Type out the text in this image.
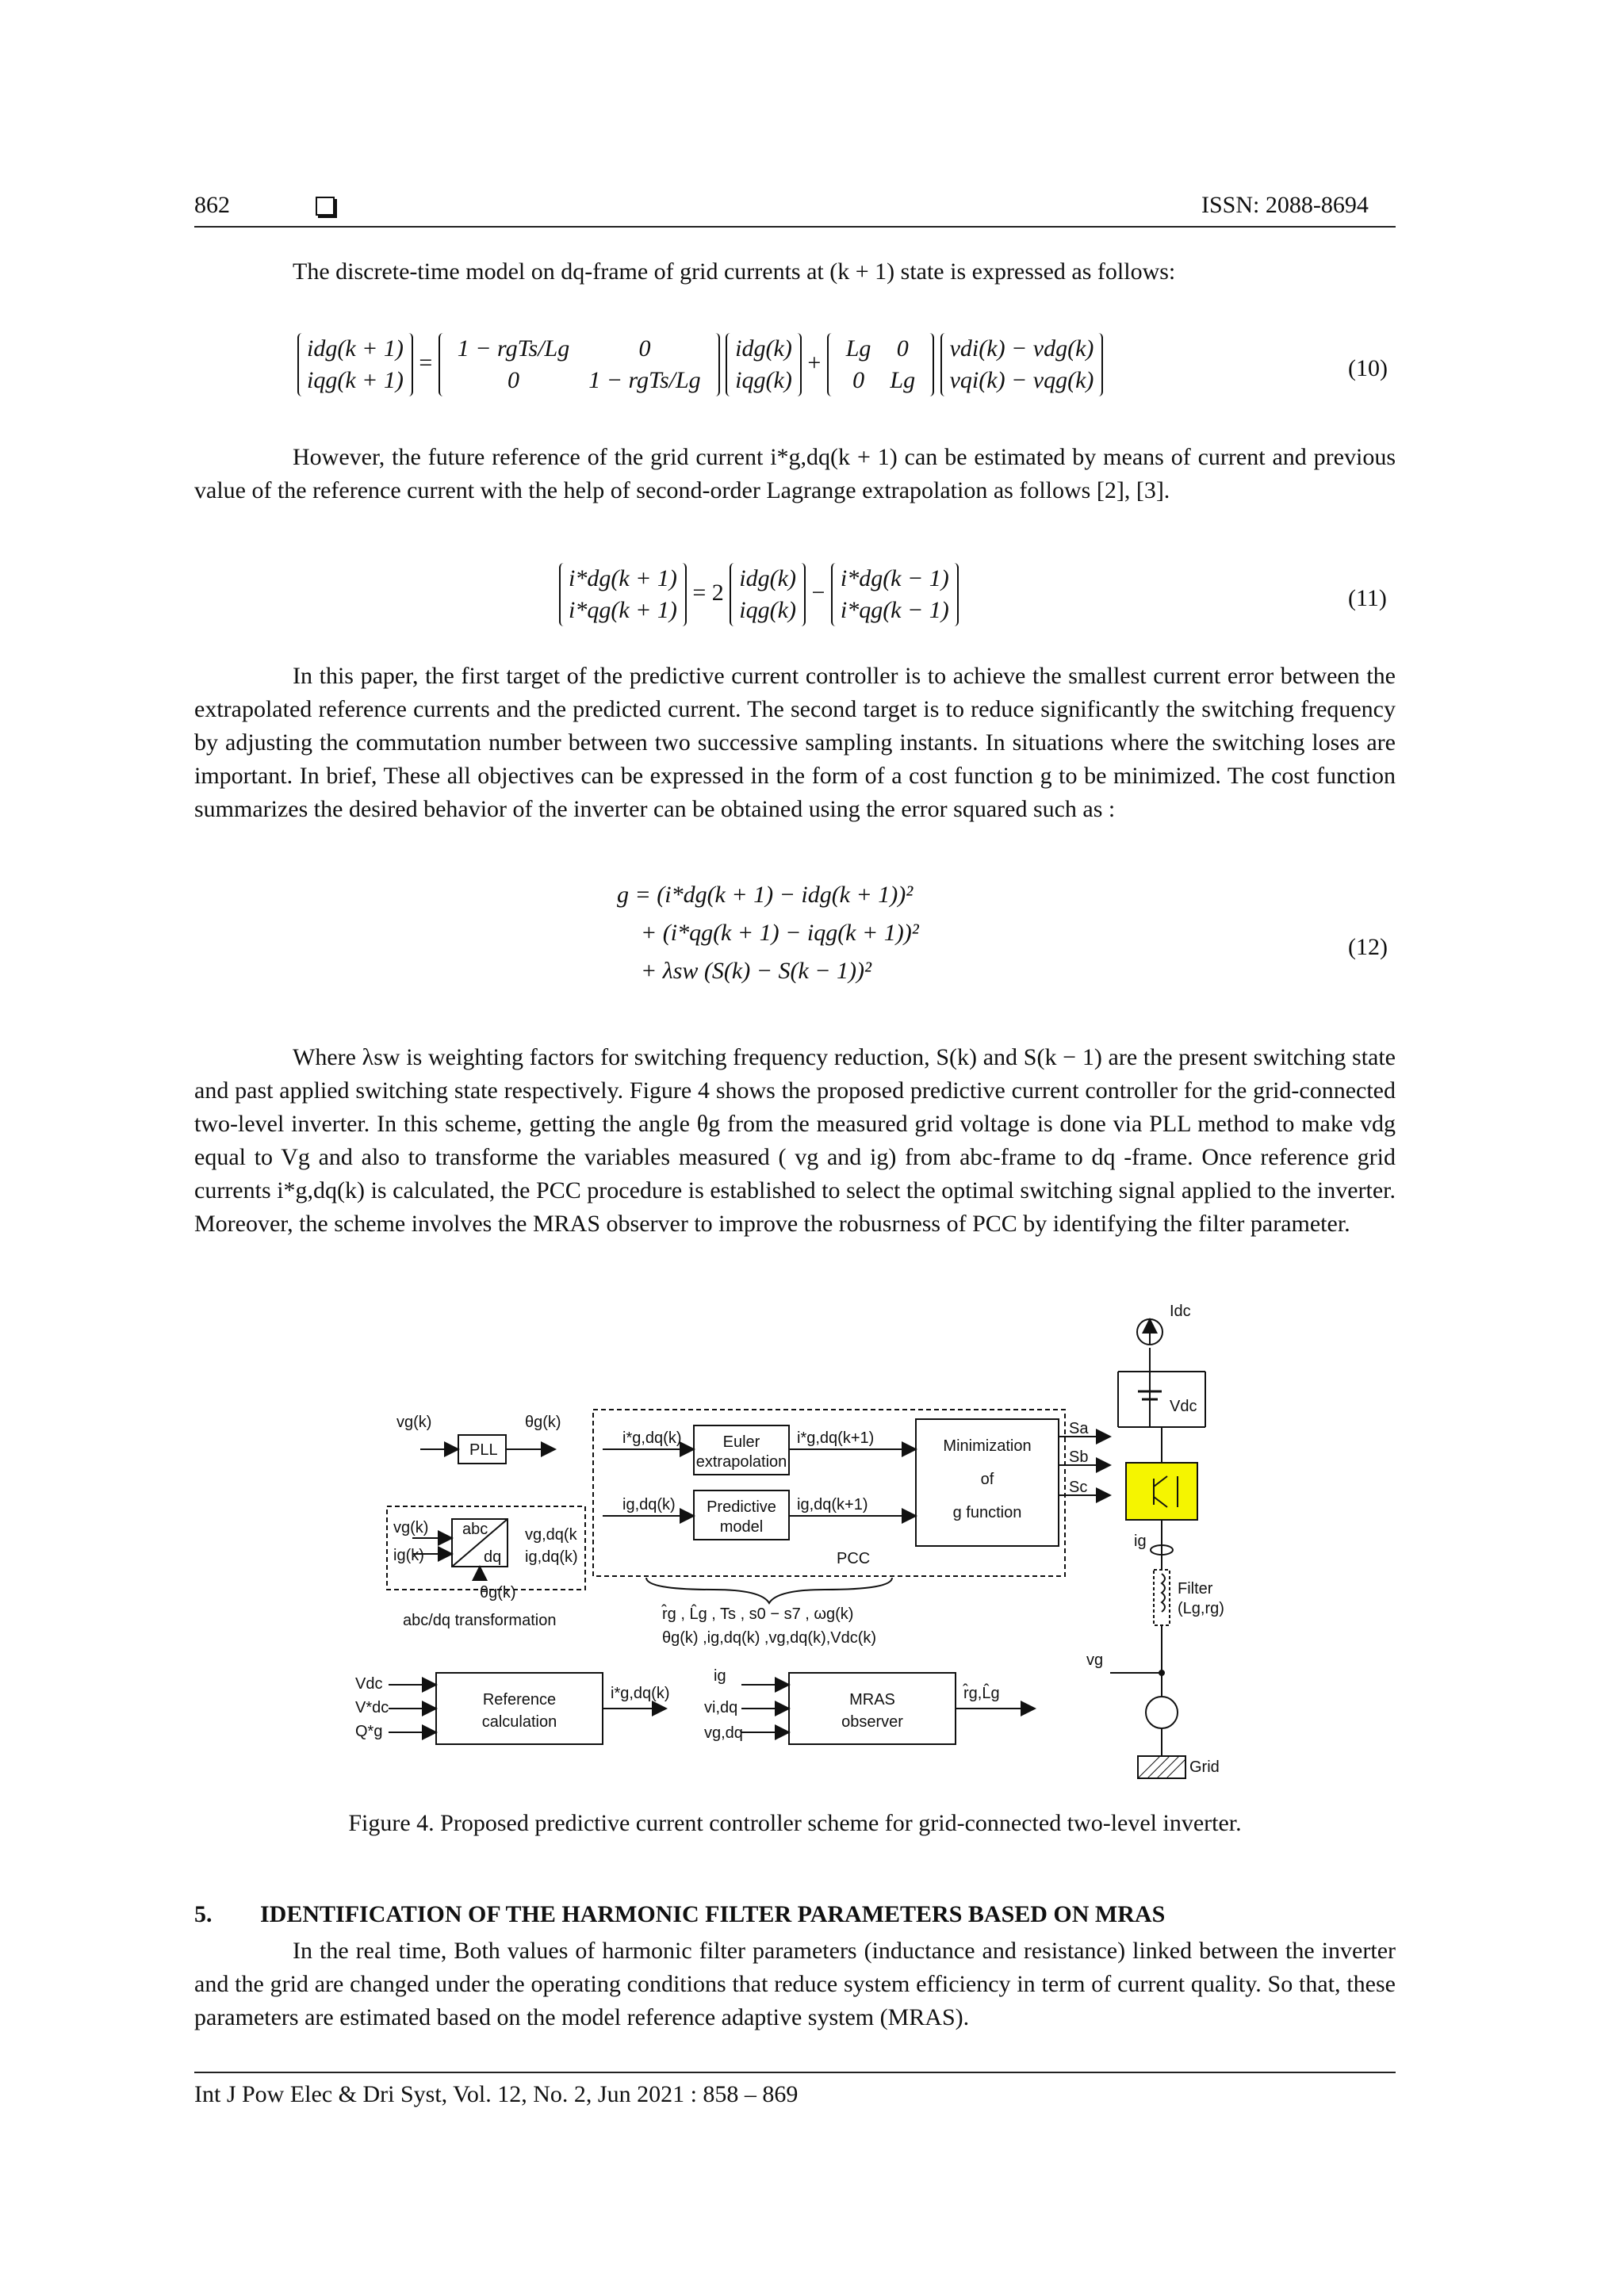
862	ISSN: 2088-8694

The discrete-time model on dq-frame of grid currents at (k + 1) state is expressed as follows:

idg(k + 1)
iqg(k + 1) =
1 − rgTs/Lg	0
0	1 − rgTs/Lg
idg(k)
iqg(k) +
Lg	0
0	Lg
vdi(k) − vdg(k)
vqi(k) − vqg(k)	(10)

However, the future reference of the grid current i*g,dq(k + 1) can be estimated by means of current and previous value of the reference current with the help of second-order Lagrange extrapolation as follows [2], [3].

i*dg(k + 1)
i*qg(k + 1) = 2 idg(k)
iqg(k) − i*dg(k − 1)
i*qg(k − 1)	(11)

In this paper, the first target of the predictive current controller is to achieve the smallest current error between the extrapolated reference currents and the predicted current. The second target is to reduce significantly the switching frequency by adjusting the commutation number between two successive sampling instants. In situations where the switching loses are important. In brief, These all objectives can be expressed in the form of a cost function g to be minimized. The cost function summarizes the desired behavior of the inverter can be obtained using the error squared such as :

g = (i*dg(k + 1) − idg(k + 1))²
+ (i*qg(k + 1) − iqg(k + 1))²
+ λsw (S(k) − S(k − 1))²
(12)

Where λsw is weighting factors for switching frequency reduction, S(k) and S(k − 1) are the present switching state and past applied switching state respectively. Figure 4 shows the proposed predictive current controller for the grid-connected two-level inverter. In this scheme, getting the angle θg from the measured grid voltage is done via PLL method to make vdg equal to Vg and also to transforme the variables measured ( vg and ig) from abc-frame to dq -frame. Once reference grid currents i*g,dq(k) is calculated, the PCC procedure is established to select the optimal switching signal applied to the inverter. Moreover, the scheme involves the MRAS observer to improve the robusrness of PCC by identifying the filter parameter.

vg(k)
PLL
θg(k)
abc
dq
vg(k)
ig(k)
vg,dq(k
ig,dq(k)
θg(k)
abc/dq transformation
i*g,dq(k)
ig,dq(k)
Euler
extrapolation
Predictive
model
i*g,dq(k+1)
ig,dq(k+1)
Minimization
of
g function
PCC
r̂g , L̂g , Ts , s0 − s7 , ωg(k)
θg(k) ,ig,dq(k) ,vg,dq(k),Vdc(k)
Sa
Sb
Sc
Vdc
V*dc
Q*g
Reference
calculation
i*g,dq(k)
ig
vi,dq
vg,dq
MRAS
observer
r̂g,L̂g
Idc
Vdc
ig
Filter
(Lg,rg)
vg
Grid
Figure 4. Proposed predictive current controller scheme for grid-connected two-level inverter.
5. IDENTIFICATION OF THE HARMONIC FILTER PARAMETERS BASED ON MRAS

In the real time, Both values of harmonic filter parameters (inductance and resistance) linked between the inverter and the grid are changed under the operating conditions that reduce system efficiency in term of current quality. So that, these parameters are estimated based on the model reference adaptive system (MRAS).

Int J Pow Elec & Dri Syst, Vol. 12, No. 2, Jun 2021 : 858 – 869
